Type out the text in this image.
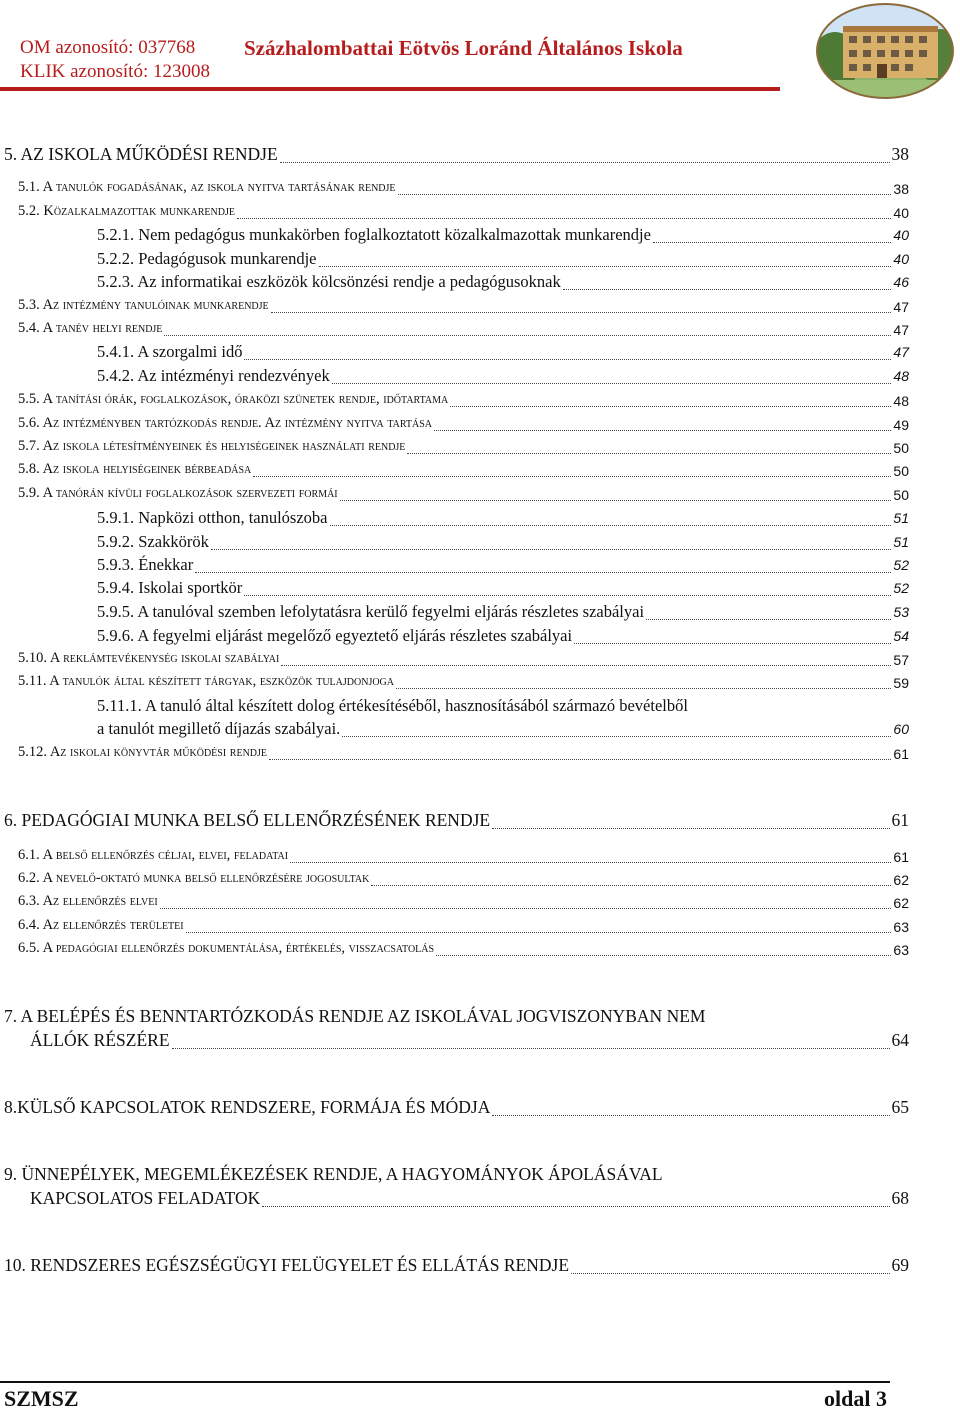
OM azonosító: 037768
KLIK azonosító: 123008
Százhalombattai Eötvös Loránd Általános Iskola
5. AZ ISKOLA MŰKÖDÉSI RENDJE	38
5.1. A tanulók fogadásának, az iskola nyitva tartásának rendje	38
5.2. Közalkalmazottak munkarendje	40
5.2.1. Nem pedagógus munkakörben foglalkoztatott közalkalmazottak munkarendje	40
5.2.2. Pedagógusok munkarendje	40
5.2.3. Az informatikai eszközök kölcsönzési rendje a pedagógusoknak	46
5.3. Az intézmény tanulóinak munkarendje	47
5.4. A tanév helyi rendje	47
5.4.1. A szorgalmi idő	47
5.4.2. Az intézményi rendezvények	48
5.5. A tanítási órák, foglalkozások, óraközi szünetek rendje, időtartama	48
5.6. Az intézményben tartózkodás rendje. Az intézmény nyitva tartása	49
5.7. Az iskola létesítményeinek és helyiségeinek használati rendje	50
5.8. Az iskola helyiségeinek bérbeadása	50
5.9. A tanórán kívüli foglalkozások szervezeti formái	50
5.9.1. Napközi otthon, tanulószoba	51
5.9.2. Szakkörök	51
5.9.3. Énekkar	52
5.9.4. Iskolai sportkör	52
5.9.5. A tanulóval szemben lefolytatásra kerülő fegyelmi eljárás részletes szabályai	53
5.9.6. A fegyelmi eljárást megelőző egyeztető eljárás részletes szabályai	54
5.10. A reklámtevékenység iskolai szabályai	57
5.11. A tanulók által készített tárgyak, eszközök tulajdonjoga	59
5.11.1. A tanuló által készített dolog értékesítéséből, hasznosításából származó bevételből
a tanulót megillető díjazás szabályai.	60
5.12. Az iskolai könyvtár működési rendje	61
6. PEDAGÓGIAI MUNKA BELSŐ ELLENŐRZÉSÉNEK RENDJE	61
6.1. A belső ellenőrzés céljai, elvei, feladatai	61
6.2. A nevelő-oktató munka belső ellenőrzésére jogosultak	62
6.3. Az ellenőrzés elvei	62
6.4. Az ellenőrzés területei	63
6.5. A pedagógiai ellenőrzés dokumentálása, értékelés, visszacsatolás	63
7. A BELÉPÉS ÉS BENNTARTÓZKODÁS RENDJE AZ ISKOLÁVAL JOGVISZONYBAN NEM
ÁLLÓK RÉSZÉRE	64
8.KÜLSŐ KAPCSOLATOK RENDSZERE, FORMÁJA ÉS MÓDJA	65
9. ÜNNEPÉLYEK, MEGEMLÉKEZÉSEK RENDJE, A HAGYOMÁNYOK ÁPOLÁSÁVAL
KAPCSOLATOS FELADATOK	68
10. RENDSZERES EGÉSZSÉGÜGYI FELÜGYELET ÉS ELLÁTÁS RENDJE	69
SZMSZ	oldal 3
